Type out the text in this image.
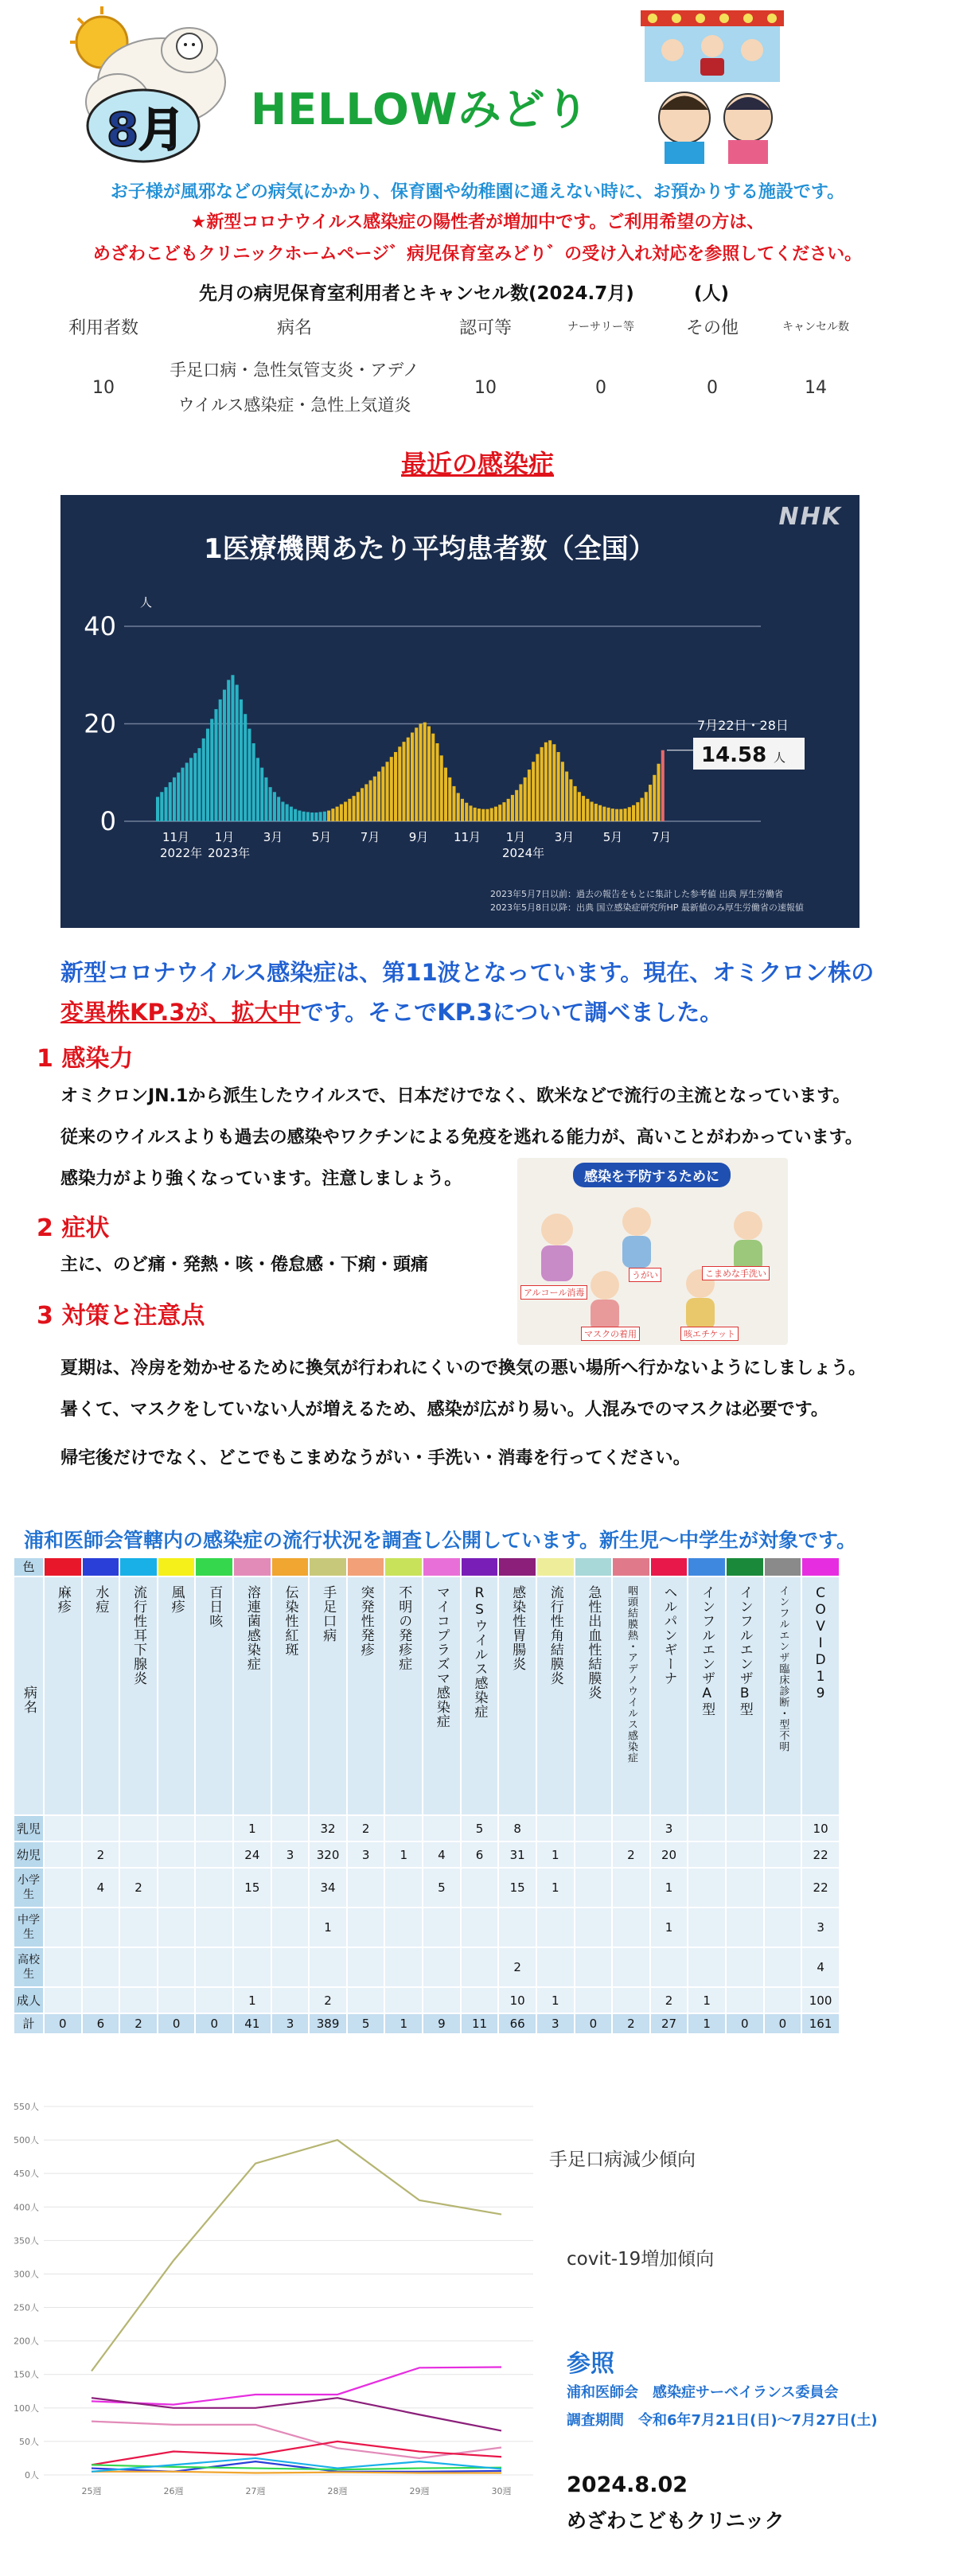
8月 HELLOWみどり
お子様が風邪などの病気にかかり、保育園や幼稚園に通えない時に、お預かりする施設です。
★新型コロナウイルス感染症の陽性者が増加中です。ご利用希望の方は、
めざわこどもクリニックホームページ゛病児保育室みどり゛の受け入れ対応を参照してください。
先月の病児保育室利用者とキャンセル数(2024.7月)	(人)
利用者数	病名	認可等	ナーサリー等	その他	キャンセル数
10	手足口病・急性気管支炎・アデノ
ウイルス感染症・急性上気道炎	10	0	0	14
最近の感染症
1医療機関あたり平均患者数（全国）
NHK
人
40
20
0
11月 1月 3月 5月 7月 9月 11月 1月 3月 5月 7月
2022年 2023年	2024年
7月22日・28日
14.58 人
2023年5月7日以前：過去の報告をもとに集計した参考値 出典 厚生労働省
2023年5月8日以降：出典 国立感染症研究所HP 最新値のみ厚生労働省の速報値
新型コロナウイルス感染症は、第11波となっています。現在、オミクロン株の
変異株KP.3が、拡大中です。そこでKP.3について調べました。
1 感染力
オミクロンJN.1から派生したウイルスで、日本だけでなく、欧米などで流行の主流となっています。
従来のウイルスよりも過去の感染やワクチンによる免疫を逃れる能力が、高いことがわかっています。
感染力がより強くなっています。注意しましょう。
2 症状
主に、のど痛・発熱・咳・倦怠感・下痢・頭痛
3 対策と注意点
夏期は、冷房を効かせるために換気が行われにくいので換気の悪い場所へ行かないようにしましょう。
暑くて、マスクをしていない人が増えるため、感染が広がり易い。人混みでのマスクは必要です。
帰宅後だけでなく、どこでもこまめなうがい・手洗い・消毒を行ってください。
感染を予防するために
アルコール消毒
うがい	こまめな手洗い
マスクの着用	咳エチケット
浦和医師会管轄内の感染症の流行状況を調査し公開しています。新生児～中学生が対象です。
色																					

病名	麻疹	水痘	流行性耳下腺炎	風疹	百日咳	溶連菌感染症	伝染性紅斑	手足口病	突発性発疹	不明の発疹症	マイコプラズマ感染症	RSウイルス感染症	感染性胃腸炎	流行性角結膜炎	急性出血性結膜炎	咽頭結膜熱・アデノウイルス感染症	ヘルパンギーナ	インフルエンザA型	インフルエンザB型	インフルエンザ臨床診断・型不明	COVID19

乳児						1		32	2			5	8				3				10
幼児		2				24	3	320	3	1	4	6	31	1		2	20				22
小学生		4	2			15		34			5		15	1			1				22
中学生								1									1				3
高校生													2								4
成人						1		2					10	1			2	1			100
計	0	6	2	0	0	41	3	389	5	1	9	11	66	3	0	2	27	1	0	0	161
0人
50人
100人
150人
200人
250人
300人
350人
400人
450人
500人
550人
25週	26週	27週	28週	29週	30週
手足口病減少傾向
covit-19増加傾向
参照
浦和医師会　感染症サーベイランス委員会
調査期間　令和6年7月21日(日)～7月27日(土)
2024.8.02
めざわこどもクリニック
